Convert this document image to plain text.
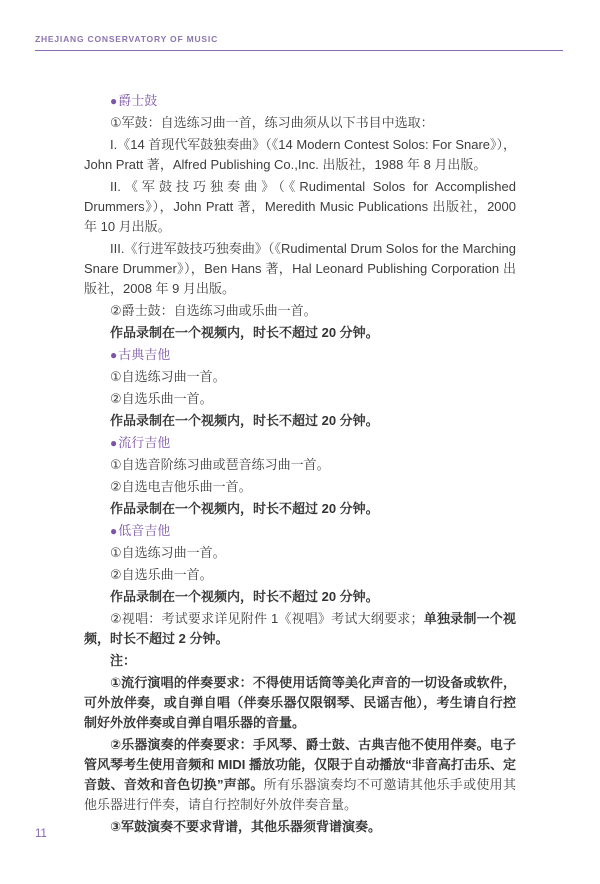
ZHEJIANG CONSERVATORY OF MUSIC

●爵士鼓

①军鼓：自选练习曲一首，练习曲须从以下书目中选取：

I.《14 首现代军鼓独奏曲》（《14 Modern Contest Solos: For Snare》），John Pratt 著，Alfred Publishing Co.,Inc. 出版社，1988 年 8 月出版。

II.《军鼓技巧独奏曲》（《Rudimental Solos for Accomplished Drummers》），John Pratt 著，Meredith Music Publications 出版社，2000 年 10 月出版。

III.《行进军鼓技巧独奏曲》（《Rudimental Drum Solos for the Marching Snare Drummer》），Ben Hans 著，Hal Leonard Publishing Corporation 出版社，2008 年 9 月出版。

②爵士鼓：自选练习曲或乐曲一首。

作品录制在一个视频内，时长不超过 20 分钟。

●古典吉他

①自选练习曲一首。

②自选乐曲一首。

作品录制在一个视频内，时长不超过 20 分钟。

●流行吉他

①自选音阶练习曲或琶音练习曲一首。

②自选电吉他乐曲一首。

作品录制在一个视频内，时长不超过 20 分钟。

●低音吉他

①自选练习曲一首。

②自选乐曲一首。

作品录制在一个视频内，时长不超过 20 分钟。

②视唱：考试要求详见附件 1《视唱》考试大纲要求；单独录制一个视频，时长不超过 2 分钟。

注：

①流行演唱的伴奏要求：不得使用话筒等美化声音的一切设备或软件，可外放伴奏，或自弹自唱（伴奏乐器仅限钢琴、民谣吉他），考生请自行控制好外放伴奏或自弹自唱乐器的音量。

②乐器演奏的伴奏要求：手风琴、爵士鼓、古典吉他不使用伴奏。电子管风琴考生使用音频和 MIDI 播放功能，仅限于自动播放“非音高打击乐、定音鼓、音效和音色切换”声部。所有乐器演奏均不可邀请其他乐手或使用其他乐器进行伴奏，请自行控制好外放伴奏音量。

③军鼓演奏不要求背谱，其他乐器须背谱演奏。

11
